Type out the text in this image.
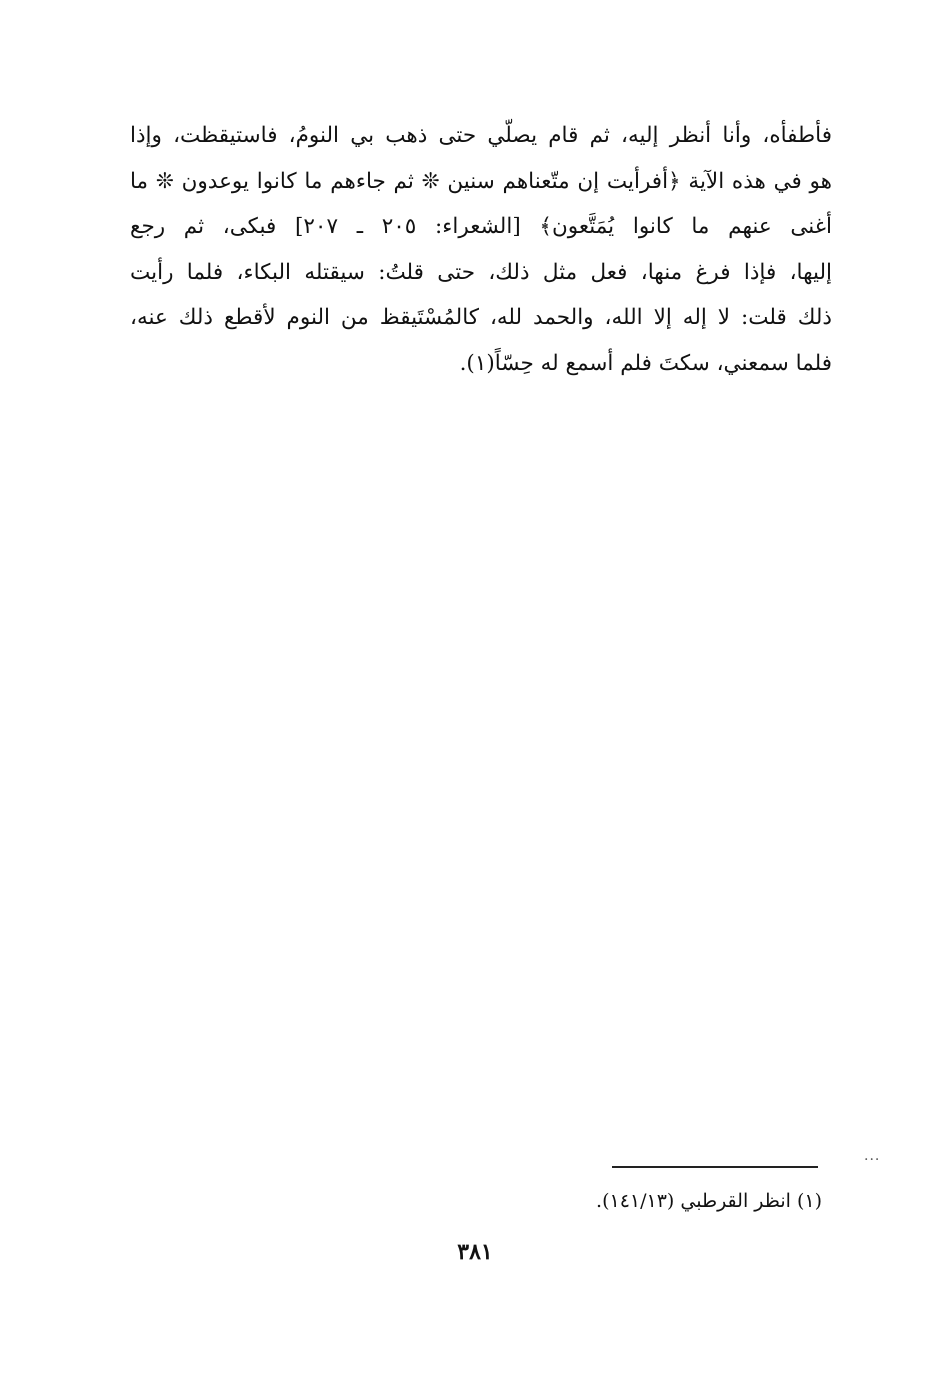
فأطفأه، وأنا أنظر إليه، ثم قام يصلّي حتى ذهب بي النومُ، فاستيقظت، وإذا
هو في هذه الآية ﴿أفرأيت إن متّعناهم سنين ❊ ثم جاءهم ما كانوا يوعدون ❊ ما
أغنى عنهم ما كانوا يُمَتَّعون﴾ [الشعراء: ٢٠٥ ـ ٢٠٧] فبكى، ثم رجع
إليها، فإذا فرغ منها، فعل مثل ذلك، حتى قلتُ: سيقتله البكاء، فلما رأيت
ذلك قلت: لا إله إلا الله، والحمد لله، كالمُسْتَيقظ من النوم لأقطع ذلك عنه،
فلما سمعني، سكتَ فلم أسمع له حِسّاً(١).
...
(١) انظر القرطبي (١٤١/١٣).
٣٨١
